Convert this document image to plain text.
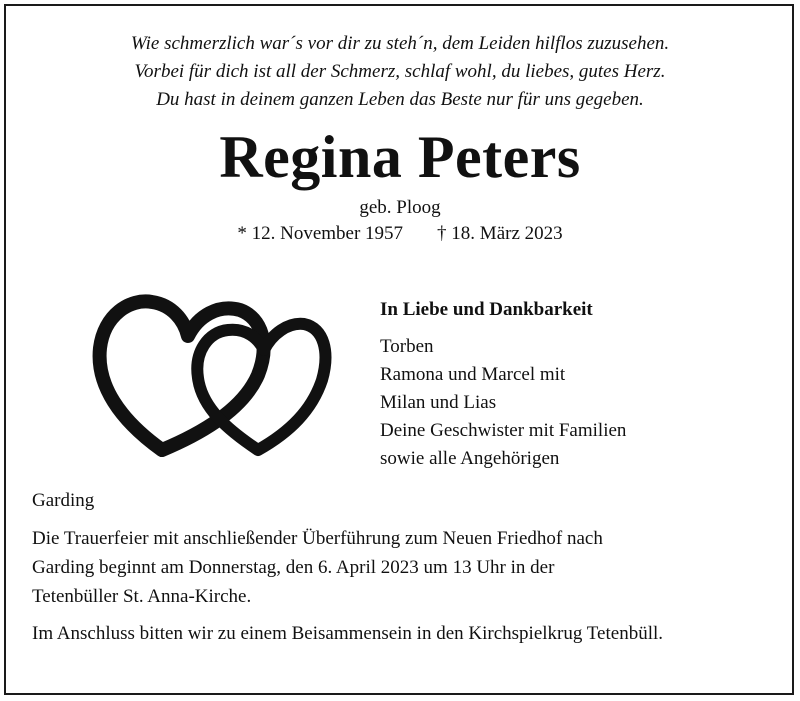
Wie schmerzlich war´s vor dir zu steh´n, dem Leiden hilflos zuzusehen.
Vorbei für dich ist all der Schmerz, schlaf wohl, du liebes, gutes Herz.
Du hast in deinem ganzen Leben das Beste nur für uns gegeben.
Regina Peters
geb. Ploog
* 12. November 1957 † 18. März 2023
In Liebe und Dankbarkeit
Torben
Ramona und Marcel mit
Milan und Lias
Deine Geschwister mit Familien
sowie alle Angehörigen
Garding
Die Trauerfeier mit anschließender Überführung zum Neuen Friedhof nach
Garding beginnt am Donnerstag, den 6. April 2023 um 13 Uhr in der
Tetenbüller St. Anna-Kirche.
Im Anschluss bitten wir zu einem Beisammensein in den Kirchspielkrug Tetenbüll.
